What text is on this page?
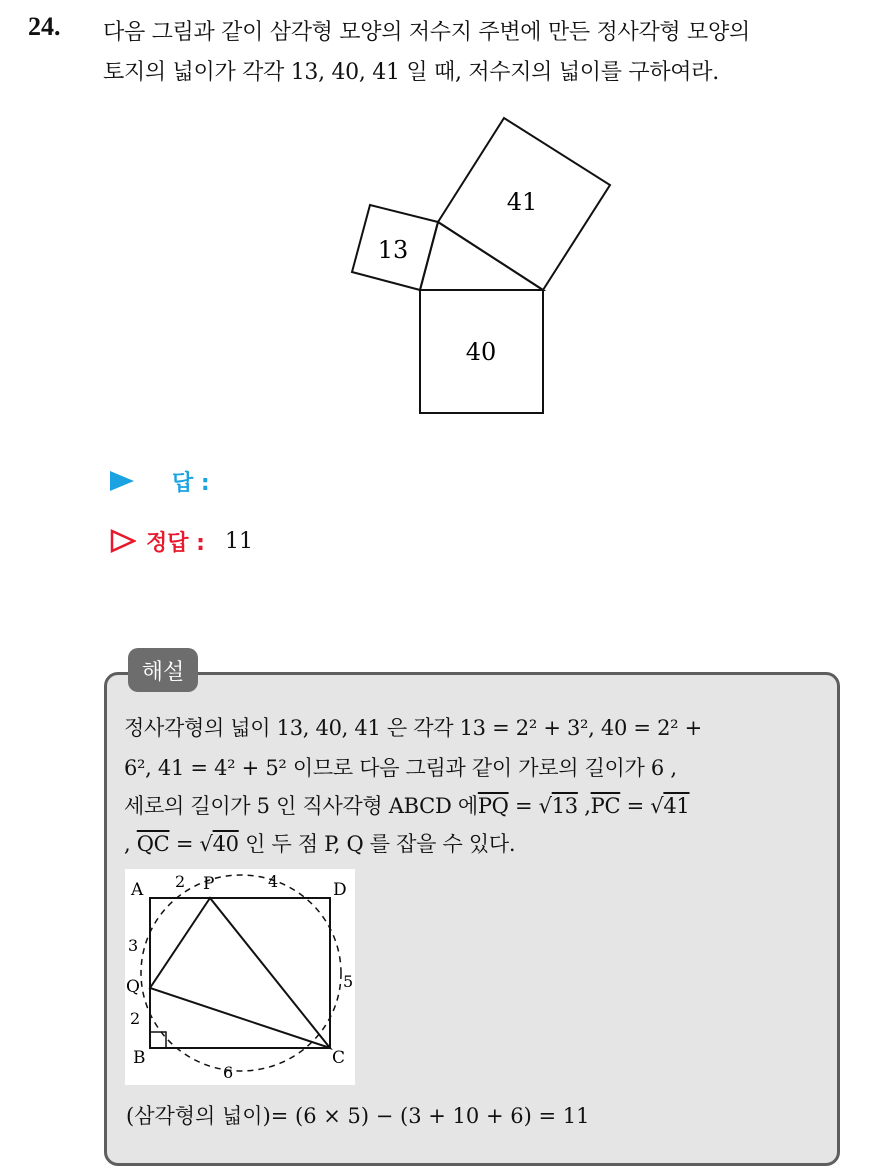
24. 다음 그림과 같이 삼각형 모양의 저수지 주변에 만든 정사각형 모양의
토지의 넓이가 각각 13, 40, 41 일 때, 저수지의 넓이를 구하여라.
13
41
40
답 :
정답 : 11
해설
정사각형의 넓이 13, 40, 41 은 각각 13 = 2² + 3², 40 = 2² +
6², 41 = 4² + 5² 이므로 다음 그림과 같이 가로의 길이가 6 ,
세로의 길이가 5 인 직사각형 ABCD 에$\overline{PQ} = √13$ $,\overline{PC} = √41$
, $\overline{QC} = √40$ 인 두 점 P, Q 를 잡을 수 있다.
A	P	D
Q
B	C
2	4
3
5
2
6
(삼각형의 넓이)= (6 × 5) − (3 + 10 + 6) = 11
